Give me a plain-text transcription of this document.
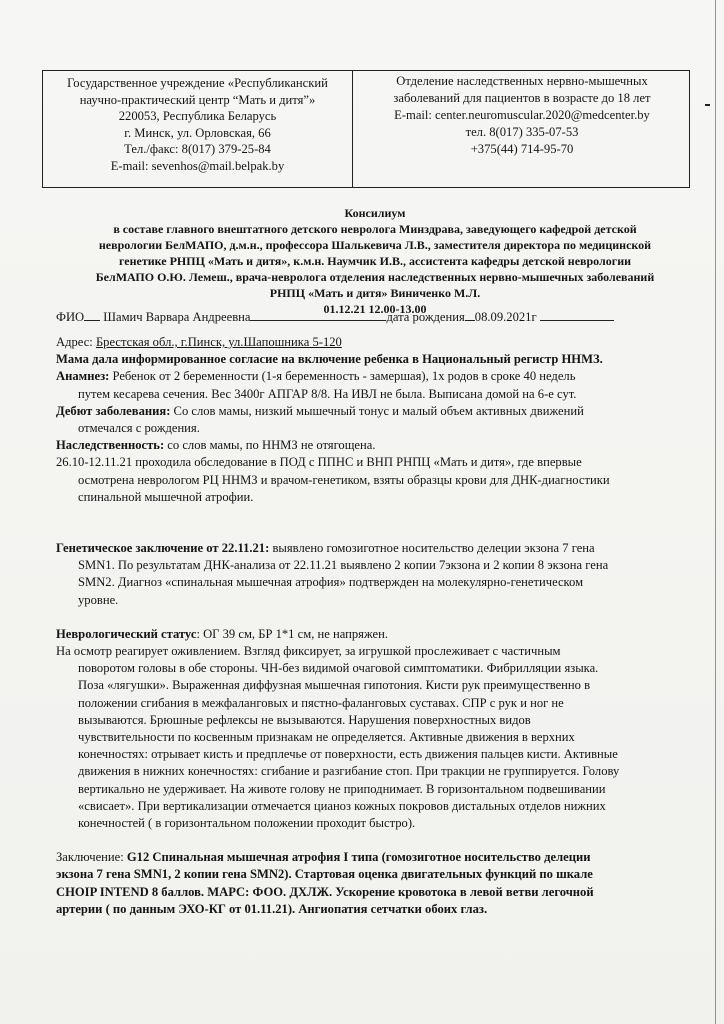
Государственное учреждение «Республиканский
научно-практический центр “Мать и дитя”»
220053, Республика Беларусь
г. Минск, ул. Орловская, 66
Тел./факс: 8(017) 379-25-84
E-mail: sevenhos@mail.belpak.by
Отделение наследственных нервно-мышечных
заболеваний для пациентов в возрасте до 18 лет
E-mail: center.neuromuscular.2020@medcenter.by
тел. 8(017) 335-07-53
+375(44) 714-95-70
Консилиум
в составе главного внештатного детского невролога Минздрава, заведующего кафедрой детской
неврологии БелМАПО, д.м.н., профессора Шалькевича Л.В., заместителя директора по медицинской
генетике РНПЦ «Мать и дитя», к.м.н. Наумчик И.В., ассистента кафедры детской неврологии
БелМАПО О.Ю. Лемеш., врача-невролога отделения наследственных нервно-мышечных заболеваний
РНПЦ «Мать и дитя» Виниченко М.Л.
01.12.21 12.00-13.00
ФИО Шамич Варвара Андреевна	дата рождения 08.09.2021г
Адрес: Брестская обл., г.Пинск, ул.Шапошника 5-120
Мама дала информированное согласие на включение ребенка в Национальный регистр ННМЗ.
Анамнез: Ребенок от 2 беременности (1-я беременность - замершая), 1х родов в сроке 40 недель
путем кесарева сечения. Вес 3400г АПГАР 8/8. На ИВЛ не была. Выписана домой на 6-е сут.
Дебют заболевания: Со слов мамы, низкий мышечный тонус и малый объем активных движений
отмечался с рождения.
Наследственность: со слов мамы, по ННМЗ не отягощена.
26.10-12.11.21 проходила обследование в ПОД с ППНС и ВНП РНПЦ «Мать и дитя», где впервые
осмотрена неврологом РЦ ННМЗ и врачом-генетиком, взяты образцы крови для ДНК-диагностики
спинальной мышечной атрофии.
Генетическое заключение от 22.11.21: выявлено гомозиготное носительство делеции экзона 7 гена
SMN1. По результатам ДНК-анализа от 22.11.21 выявлено 2 копии 7экзона и 2 копии 8 экзона гена
SMN2. Диагноз «спинальная мышечная атрофия» подтвержден на молекулярно-генетическом
уровне.
Неврологический статус: ОГ 39 см, БР 1*1 см, не напряжен.
На осмотр реагирует оживлением. Взгляд фиксирует, за игрушкой прослеживает с частичным
поворотом головы в обе стороны. ЧН-без видимой очаговой симптоматики. Фибрилляции языка.
Поза «лягушки». Выраженная диффузная мышечная гипотония. Кисти рук преимущественно в
положении сгибания в межфаланговых и пястно-фаланговых суставах. СПР с рук и ног не
вызываются. Брюшные рефлексы не вызываются. Нарушения поверхностных видов
чувствительности по косвенным признакам не определяется. Активные движения в верхних
конечностях: отрывает кисть и предплечье от поверхности, есть движения пальцев кисти. Активные
движения в нижних конечностях: сгибание и разгибание стоп. При тракции не группируется. Голову
вертикально не удерживает. На животе голову не приподнимает. В горизонтальном подвешивании
«свисает». При вертикализации отмечается цианоз кожных покровов дистальных отделов нижних
конечностей ( в горизонтальном положении проходит быстро).
Заключение: G12 Спинальная мышечная атрофия I типа (гомозиготное носительство делеции
экзона 7 гена SMN1, 2 копии гена SMN2). Стартовая оценка двигательных функций по шкале
CHOIP INTEND 8 баллов. МАРС: ФОО. ДХЛЖ. Ускорение кровотока в левой ветви легочной
артерии ( по данным ЭХО-КГ от 01.11.21). Ангиопатия сетчатки обоих глаз.
